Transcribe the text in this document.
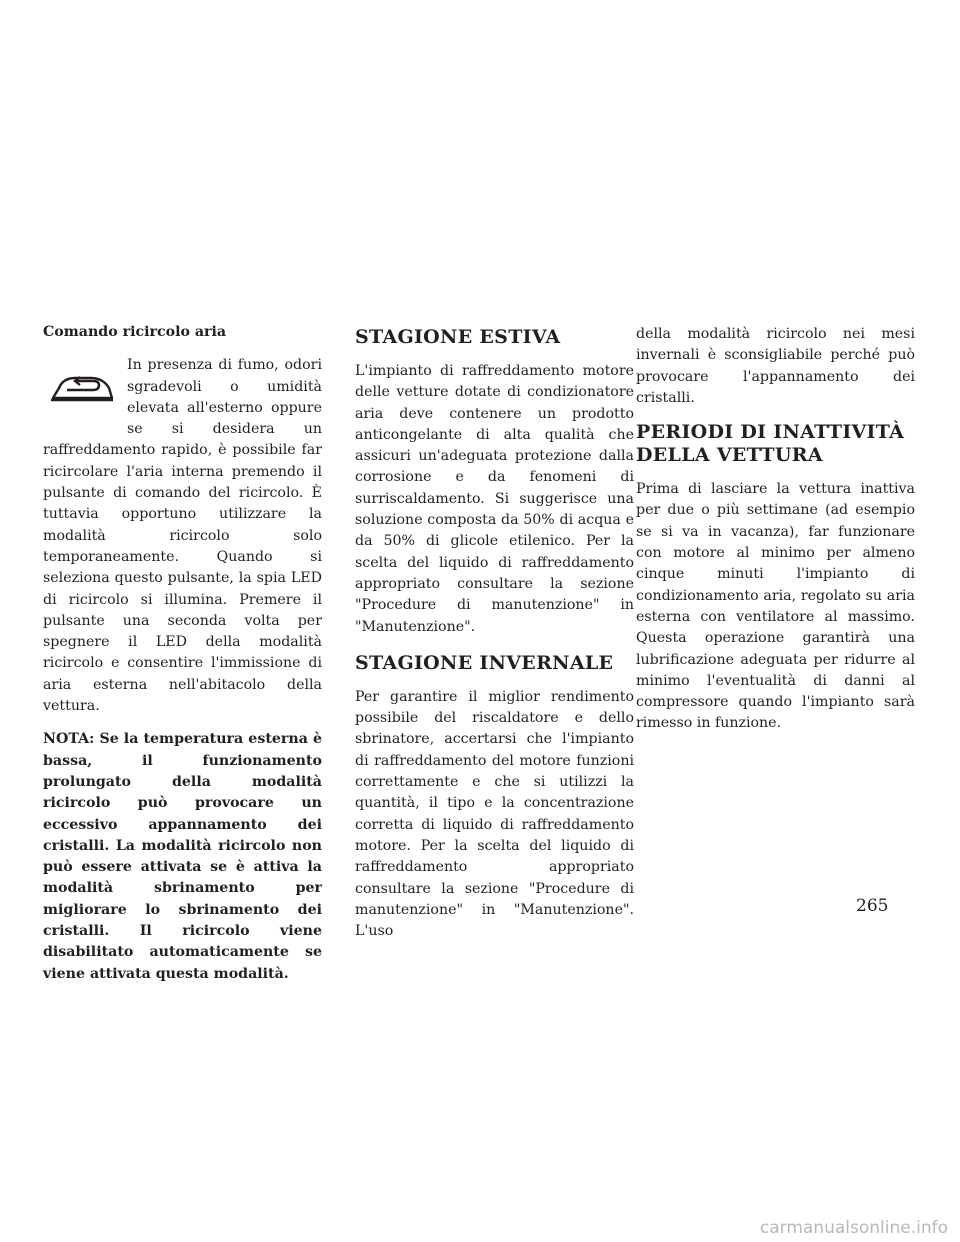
Comando ricircolo aria

In presenza di fumo, odori sgradevoli o umidità elevata all'esterno oppure se si desidera un raffreddamento rapido, è possibile far ricircolare l'aria interna premendo il pulsante di comando del ricircolo. È tuttavia opportuno utilizzare la modalità ricircolo solo temporaneamente. Quando si seleziona questo pulsante, la spia LED di ricircolo si illumina. Premere il pulsante una seconda volta per spegnere il LED della modalità ricircolo e consentire l'immissione di aria esterna nell'abitacolo della vettura.

NOTA: Se la temperatura esterna è bassa, il funzionamento prolungato della modalità ricircolo può provocare un eccessivo appannamento dei cristalli. La modalità ricircolo non può essere attivata se è attiva la modalità sbrinamento per migliorare lo sbrinamento dei cristalli. Il ricircolo viene disabilitato automaticamente se viene attivata questa modalità.

STAGIONE ESTIVA

L'impianto di raffreddamento motore delle vetture dotate di condizionatore aria deve contenere un prodotto anticongelante di alta qualità che assicuri un'adeguata protezione dalla corrosione e da fenomeni di surriscaldamento. Si suggerisce una soluzione composta da 50% di acqua e da 50% di glicole etilenico. Per la scelta del liquido di raffreddamento appropriato consultare la sezione "Procedure di manutenzione" in "Manutenzione".

STAGIONE INVERNALE

Per garantire il miglior rendimento possibile del riscaldatore e dello sbrinatore, accertarsi che l'impianto di raffreddamento del motore funzioni correttamente e che si utilizzi la quantità, il tipo e la concentrazione corretta di liquido di raffreddamento motore. Per la scelta del liquido di raffreddamento appropriato consultare la sezione "Procedure di manutenzione" in "Manutenzione". L'uso

della modalità ricircolo nei mesi invernali è sconsigliabile perché può provocare l'appannamento dei cristalli.

PERIODI DI INATTIVITÀ DELLA VETTURA

Prima di lasciare la vettura inattiva per due o più settimane (ad esempio se si va in vacanza), far funzionare con motore al minimo per almeno cinque minuti l'impianto di condizionamento aria, regolato su aria esterna con ventilatore al massimo. Questa operazione garantirà una lubrificazione adeguata per ridurre al minimo l'eventualità di danni al compressore quando l'impianto sarà rimesso in funzione.

265
carmanualsonline.info
